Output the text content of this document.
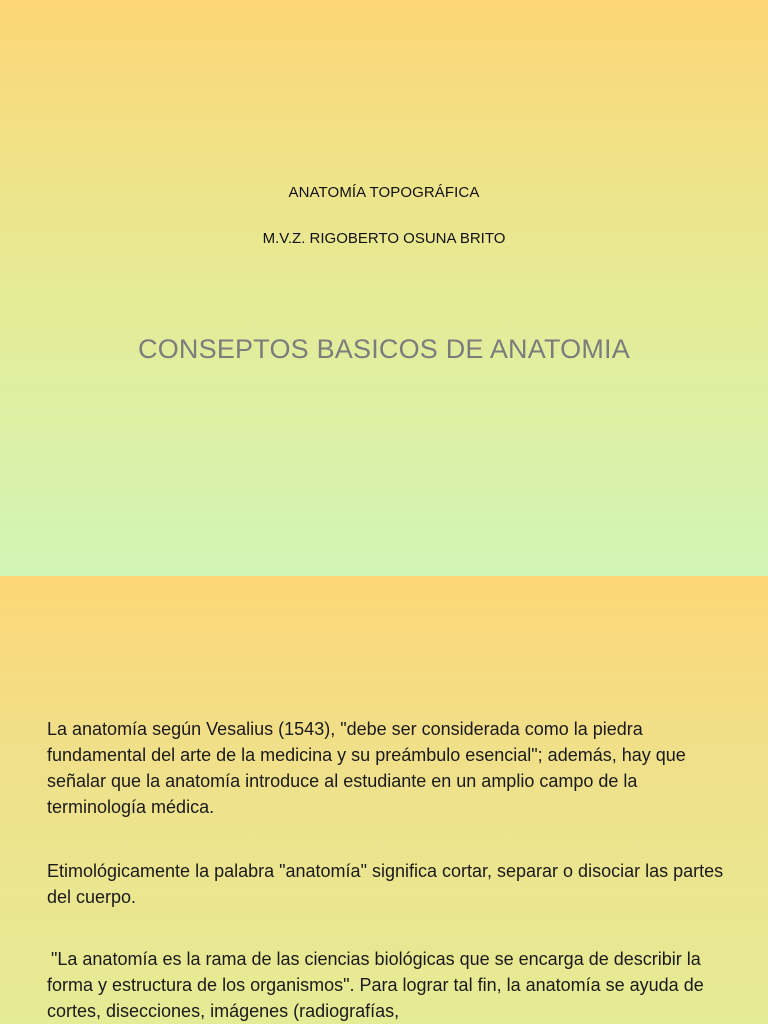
ANATOMÍA TOPOGRÁFICA
M.V.Z. RIGOBERTO OSUNA BRITO
CONSEPTOS BASICOS DE ANATOMIA

La anatomía según Vesalius (1543), "debe ser considerada como la piedra fundamental del arte de la medicina y su preámbulo esencial"; además, hay que señalar que la anatomía introduce al estudiante en un amplio campo de la terminología médica.

Etimológicamente la palabra "anatomía" significa cortar, separar o disociar las partes del cuerpo.

"La anatomía es la rama de las ciencias biológicas que se encarga de describir la forma y estructura de los organismos". Para lograr tal fin, la anatomía se ayuda de cortes, disecciones, imágenes (radiografías,
